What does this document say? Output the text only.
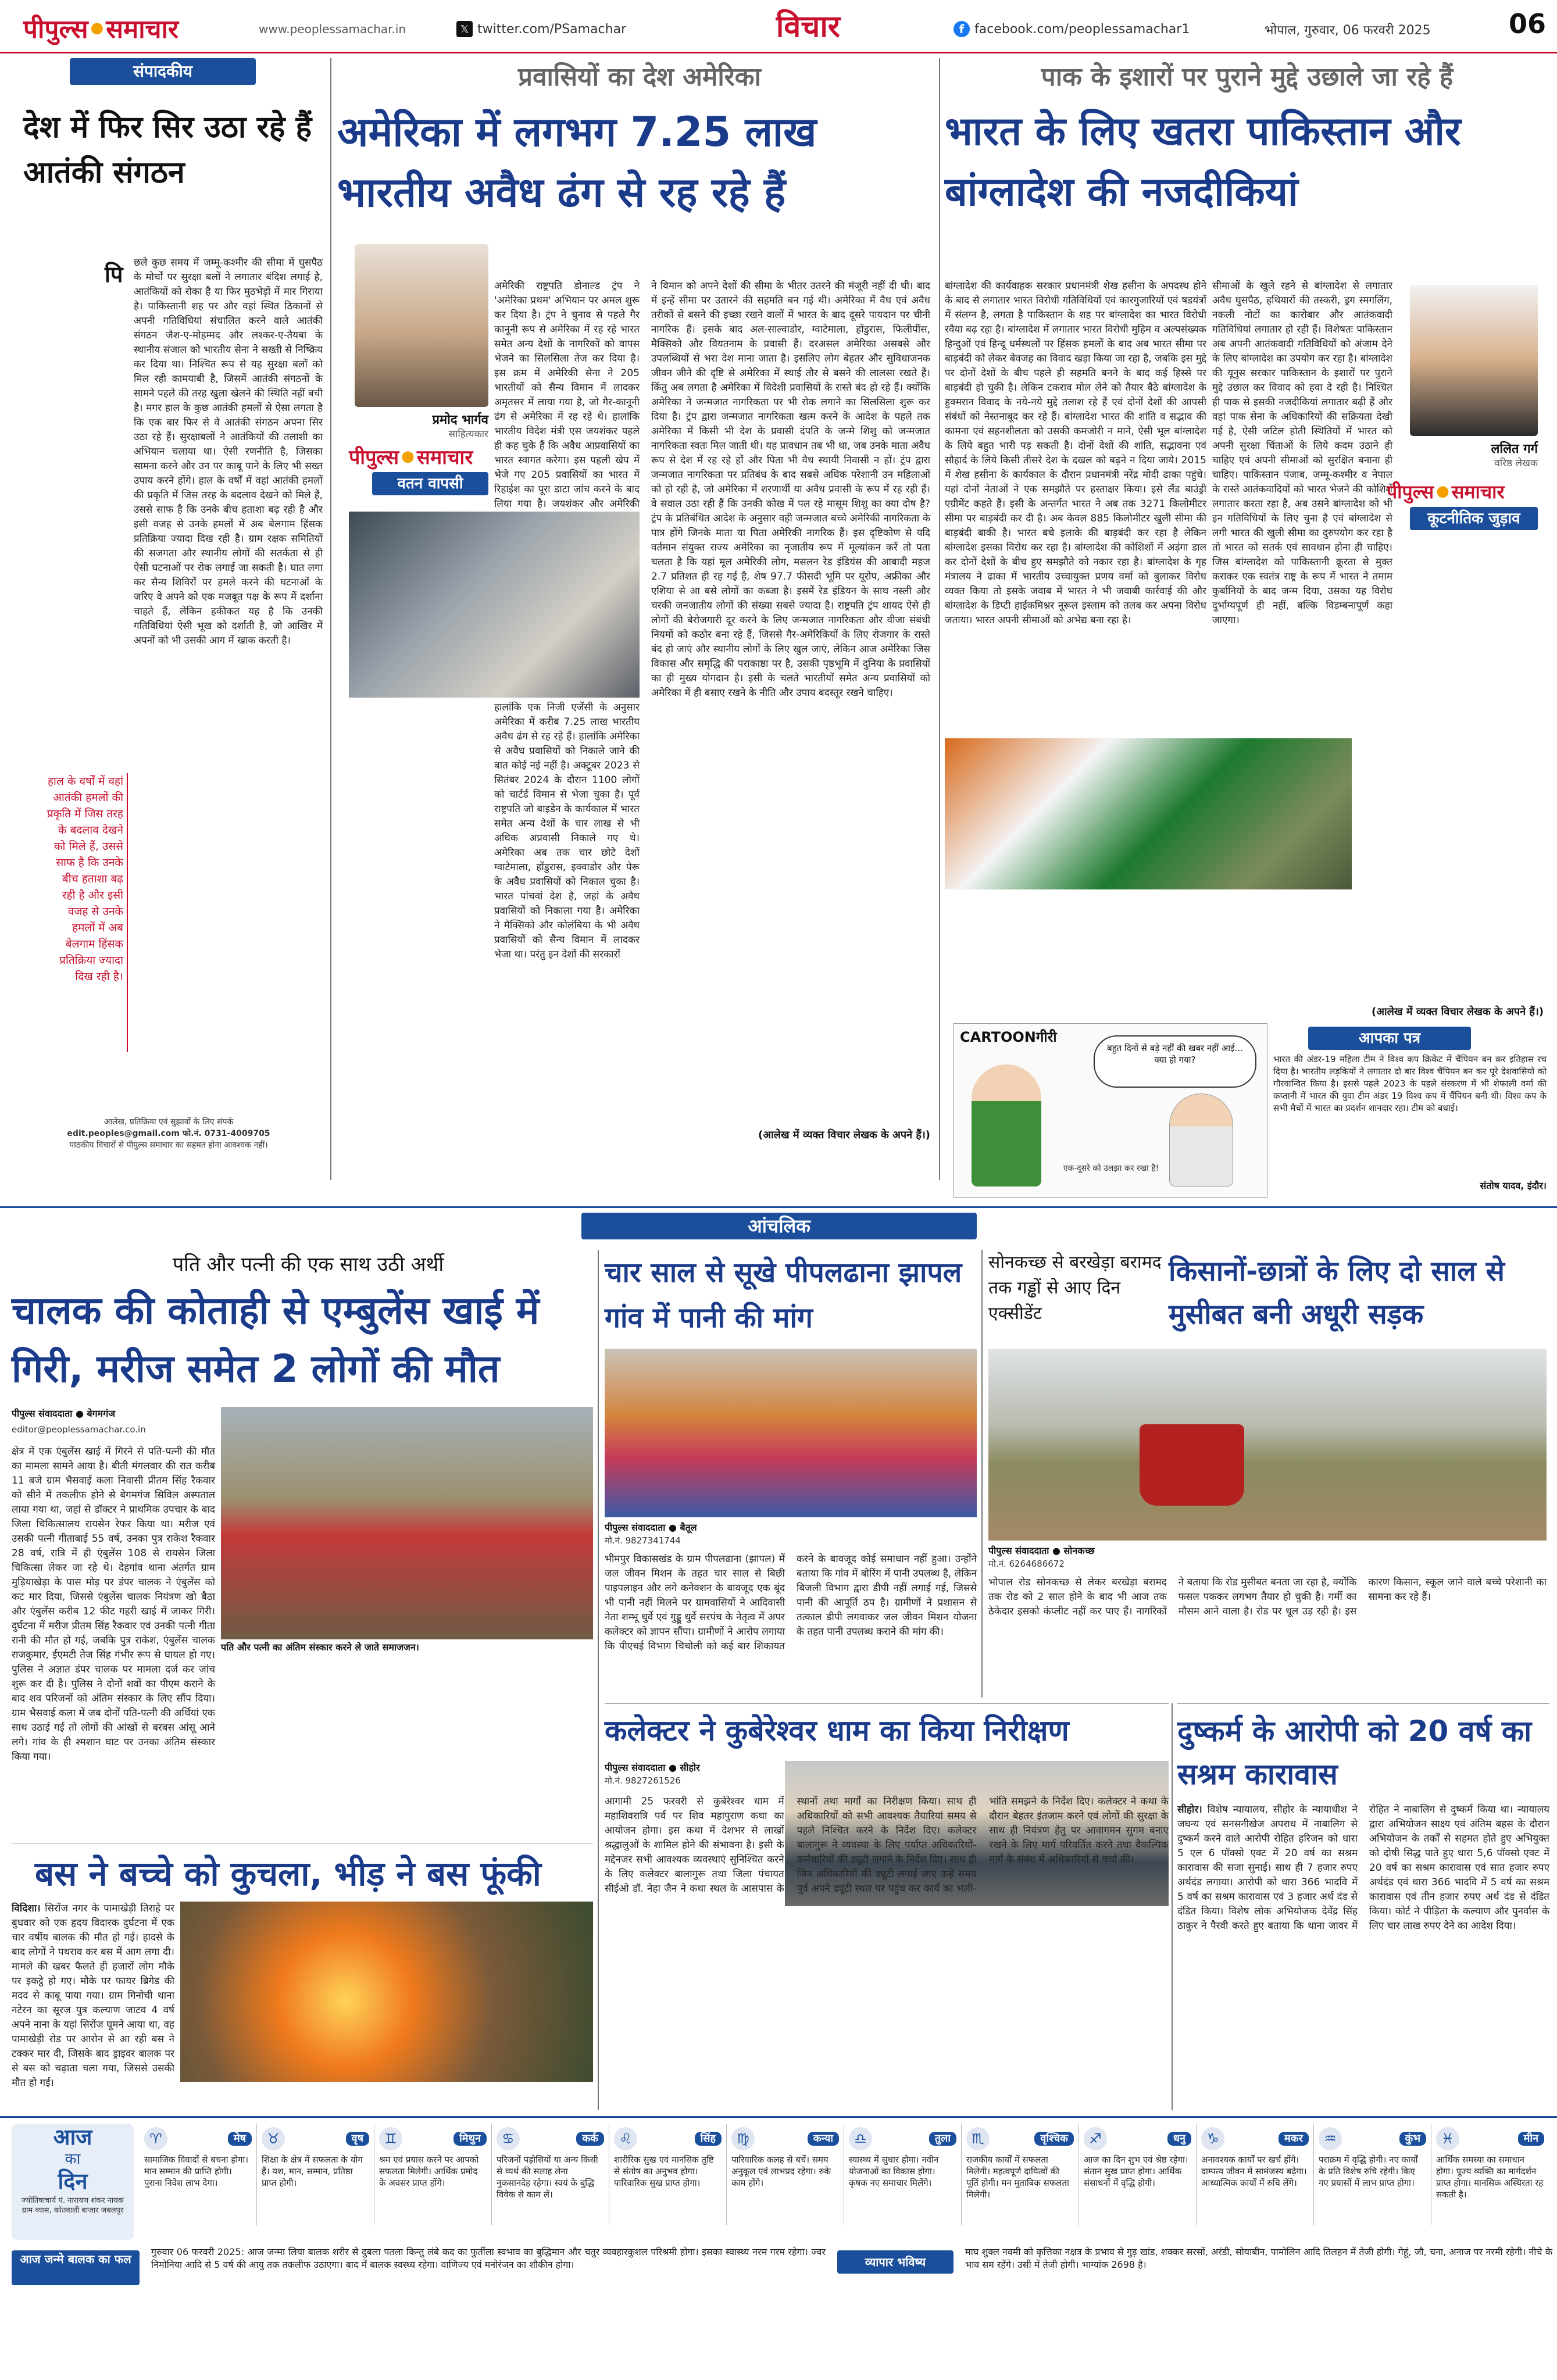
पीपुल्स ● समाचार	www.peoplessamachar.in	𝕏 twitter.com/PSamachar	विचार	f facebook.com/peoplessamachar1	भोपाल, गुरुवार, 06 फरवरी 2025	06
संपादकीय
देश में फिर सिर उठा रहे हैं आतंकी संगठन
पि	छले कुछ समय में जम्मू-कश्मीर की सीमा में घुसपैठ के मोर्चों पर सुरक्षा बलों ने लगातार बंदिश लगाई है, आतंकियों को रोका है या फिर मुठभेड़ों में मार गिराया है। पाकिस्तानी शह पर और वहां स्थित ठिकानों से अपनी गतिविधियां संचालित करने वाले आतंकी संगठन जैश-ए-मोहम्मद और लश्कर-ए-तैयबा के स्थानीय संजाल को भारतीय सेना ने सख्ती से निष्क्रिय कर दिया था। निश्चित रूप से यह सुरक्षा बलों को मिल रही कामयाबी है, जिसमें आतंकी संगठनों के सामने पहले की तरह खुला खेलने की स्थिति नहीं बची है। मगर हाल के कुछ आतंकी हमलों से ऐसा लगता है कि एक बार फिर से वे आतंकी संगठन अपना सिर उठा रहे हैं। सुरक्षाबलों ने आतंकियों की तलाशी का अभियान चलाया था। ऐसी रणनीति है, जिसका सामना करने और उन पर काबू पाने के लिए भी सख्त उपाय करने होंगे। हाल के वर्षों में वहां आतंकी हमलों की प्रकृति में जिस तरह के बदलाव देखने को मिले हैं, उससे साफ है कि उनके बीच हताशा बढ़ रही है और इसी वजह से उनके हमलों में अब बेलगाम हिंसक प्रतिक्रिया ज्यादा दिख रही है। ग्राम रक्षक समितियों की सजगता और स्थानीय लोगों की सतर्कता से ही ऐसी घटनाओं पर रोक लगाई जा सकती है। घात लगा कर सैन्य शिविरों पर हमले करने की घटनाओं के जरिए वे अपने को एक मजबूत पक्ष के रूप में दर्शाना चाहते हैं, लेकिन हकीकत यह है कि उनकी गतिविधियां ऐसी भूख को दर्शाती है, जो आखिर में अपनों को भी उसकी आग में खाक करती है।
हाल के वर्षों में वहां आतंकी हमलों की प्रकृति में जिस तरह के बदलाव देखने को मिले हैं, उससे साफ है कि उनके बीच हताशा बढ़ रही है और इसी वजह से उनके हमलों में अब बेलगाम हिंसक प्रतिक्रिया ज्यादा दिख रही है।
आलेख, प्रतिक्रिया एवं सुझावों के लिए संपर्क
edit.peoples@gmail.com फो.नं. 0731-4009705
पाठकीय विचारों से पीपुल्स समाचार का सहमत होना आवश्यक नहीं।
प्रवासियों का देश अमेरिका
अमेरिका में लगभग 7.25 लाख भारतीय अवैध ढंग से रह रहे हैं
प्रमोद भार्गव
साहित्यकार
पीपुल्स ● समाचार
वतन वापसी
अमेरिकी राष्ट्रपति डोनाल्ड ट्रंप ने 'अमेरिका प्रथम' अभियान पर अमल शुरू कर दिया है। ट्रंप ने चुनाव से पहले गैर कानूनी रूप से अमेरिका में रह रहे भारत समेत अन्य देशों के नागरिकों को वापस भेजने का सिलसिला तेज कर दिया है। इस क्रम में अमेरिकी सेना ने 205 भारतीयों को सैन्य विमान में लादकर अमृतसर में लाया गया है, जो गैर-कानूनी ढंग से अमेरिका में रह रहे थे। हालांकि भारतीय विदेश मंत्री एस जयशंकर पहले ही कह चुके हैं कि अवैध आप्रवासियों का भारत स्वागत करेगा। इस पहली खेप में भेजे गए 205 प्रवासियों का भारत में रिहाईश का पूरा डाटा जांच करने के बाद लिया गया है। जयशंकर और अमेरिकी हालांकि एक निजी एजेंसी के अनुसार अमेरिका में करीब 7.25 लाख भारतीय अवैध ढंग से रह रहे हैं। हालांकि अमेरिका से अवैध प्रवासियों को निकाले जाने की बात कोई नई नहीं है। अक्टूबर 2023 से सितंबर 2024 के दौरान 1100 लोगों को चार्टर्ड विमान से भेजा चुका है। पूर्व राष्ट्रपति जो बाइडेन के कार्यकाल में भारत समेत अन्य देशों के चार लाख से भी अधिक अप्रवासी निकाले गए थे। अमेरिका अब तक चार छोटे देशों ग्वाटेमाला, होंडुरास, इक्वाडोर और पेरू के अवैध प्रवासियों को निकाल चुका है। भारत पांचवां देश है, जहां के अवैध प्रवासियों को निकाला गया है। अमेरिका ने मैक्सिको और कोलंबिया के भी अवैध प्रवासियों को सैन्य विमान में लादकर भेजा था। परंतु इन देशों की सरकारों
ने विमान को अपने देशों की सीमा के भीतर उतरने की मंजूरी नहीं दी थी। बाद में इन्हें सीमा पर उतारने की सहमति बन गई थी। अमेरिका में वैध एवं अवैध तरीकों से बसने की इच्छा रखने वालों में भारत के बाद दूसरे पायदान पर चीनी नागरिक हैं। इसके बाद अल-साल्वाडोर, ग्वाटेमाला, होंडुरास, फिलीपींस, मैक्सिको और वियतनाम के प्रवासी हैं। दरअसल अमेरिका असबसे और उपलब्धियों से भरा देश माना जाता है। इसलिए लोग बेहतर और सुविधाजनक जीवन जीने की दृष्टि से अमेरिका में स्थाई तौर से बसने की लालसा रखते हैं। किंतु अब लगता है अमेरिका में विदेशी प्रवासियों के रास्ते बंद हो रहे हैं। क्योंकि अमेरिका ने जन्मजात नागरिकता पर भी रोक लगाने का सिलसिला शुरू कर दिया है। ट्रंप द्वारा जन्मजात नागरिकता खत्म करने के आदेश के पहले तक अमेरिका में किसी भी देश के प्रवासी दंपति के जन्मे शिशु को जन्मजात नागरिकता स्वतः मिल जाती थी। यह प्रावधान तब भी था, जब उनके माता अवैध रूप से देश में रह रहे हों और पिता भी वैध स्थायी निवासी न हों। ट्रंप द्वारा जन्मजात नागरिकता पर प्रतिबंध के बाद सबसे अधिक परेशानी उन महिलाओं को हो रही है, जो अमेरिका में शरणार्थी या अवैध प्रवासी के रूप में रह रही हैं। वे सवाल उठा रही हैं कि उनकी कोख में पल रहे मासूम शिशु का क्या दोष है? ट्रंप के प्रतिबंधित आदेश के अनुसार वही जन्मजात बच्चे अमेरिकी नागरिकता के पात्र होंगे जिनके माता या पिता अमेरिकी नागरिक हैं। इस दृष्टिकोण से यदि वर्तमान संयुक्त राज्य अमेरिका का नृजातीय रूप में मूल्यांकन करें तो पता चलता है कि यहां मूल अमेरिकी लोग, मसलन रेड इंडियंस की आबादी महज 2.7 प्रतिशत ही रह गई है, शेष 97.7 फीसदी भूमि पर यूरोप, अफ्रीका और एशिया से आ बसे लोगों का कब्जा है। इसमें रेड इंडियन के साथ नस्ली और चरकी जनजातीय लोगों की संख्या सबसे ज्यादा है। राष्ट्रपति ट्रंप शायद ऐसे ही लोगों की बेरोजगारी दूर करने के लिए जन्मजात नागरिकता और वीजा संबंधी नियमों को कठोर बना रहे हैं, जिससे गैर-अमेरिकियों के लिए रोजगार के रास्ते बंद हो जाएं और स्थानीय लोगों के लिए खुल जाएं, लेकिन आज अमेरिका जिस विकास और समृद्धि की पराकाष्ठा पर है, उसकी पृष्ठभूमि में दुनिया के प्रवासियों का ही मुख्य योगदान है। इसी के चलते भारतीयों समेत अन्य प्रवासियों को अमेरिका में ही बसाए रखने के नीति और उपाय बदस्तूर रखने चाहिए।
(आलेख में व्यक्त विचार लेखक के अपने हैं।)
पाक के इशारों पर पुराने मुद्दे उछाले जा रहे हैं
भारत के लिए खतरा पाकिस्तान और बांग्लादेश की नजदीकियां
बांग्लादेश की कार्यवाहक सरकार प्रधानमंत्री शेख हसीना के अपदस्थ होने के बाद से लगातार भारत विरोधी गतिविधियों एवं कारगुजारियों एवं षडयंत्रों में संलग्न है, लगता है पाकिस्तान के शह पर बांग्लादेश का भारत विरोधी रवैया बढ़ रहा है। बांग्लादेश में लगातार भारत विरोधी मुहिम व अल्पसंख्यक हिन्दुओं एवं हिन्दू धर्मस्थलों पर हिंसक हमलों के बाद अब भारत सीमा पर बाड़बंदी को लेकर बेवजह का विवाद खड़ा किया जा रहा है, जबकि इस मुद्दे पर दोनों देशों के बीच पहले ही सहमति बनने के बाद कई हिस्से पर बाड़बंदी हो चुकी है। लेकिन टकराव मोल लेने को तैयार बैठे बांग्लादेश के हुक्मरान विवाद के नये-नये मुद्दे तलाश रहे हैं एवं दोनों देशों की आपसी संबंधों को नेस्तनाबूद कर रहे हैं। बांग्लादेश भारत की शांति व सद्भाव की कामना एवं सहनशीलता को उसकी कमजोरी न माने, ऐसी भूल बांग्लादेश के लिये बहुत भारी पड़ सकती है। दोनों देशों की शांति, सद्भावना एवं सौहार्द के लिये किसी तीसरे देश के दखल को बढ़ने न दिया जाये। 2015 में शेख हसीना के कार्यकाल के दौरान प्रधानमंत्री नरेंद्र मोदी ढाका पहुंचे। यहां दोनों नेताओं ने एक समझौते पर हस्ताक्षर किया। इसे लैंड बाउंड्री एग्रीमेंट कहते हैं। इसी के अन्तर्गत भारत ने अब तक 3271 किलोमीटर सीमा पर बाड़बंदी कर दी है। अब केवल 885 किलोमीटर खुली सीमा की बाड़बंदी बाकी है। भारत बचे इलाके की बाड़बंदी कर रहा है लेकिन बांग्लादेश इसका विरोध कर रहा है। बांग्लादेश की कोशिशों में अड़ंगा डाल कर दोनों देशों के बीच हुए समझौते को नकार रहा है। बांग्लादेश के गृह मंत्रालय ने ढाका में भारतीय उच्चायुक्त प्रणय वर्मा को बुलाकर विरोध व्यक्त किया तो इसके जवाब में भारत ने भी जवाबी कार्रवाई की और बांग्लादेश के डिप्टी हाईकमिश्नर नूरूल इस्लाम को तलब कर अपना विरोध जताया। भारत अपनी सीमाओं को अभेद्य बना रहा है।
सीमाओं के खुले रहने से बांग्लादेश से लगातार अवैध घुसपैठ, हथियारों की तस्करी, ड्रग स्मगलिंग, नकली नोटों का कारोबार और आतंकवादी गतिविधियां लगातार हो रही हैं। विशेषतः पाकिस्तान अब अपनी आतंकवादी गतिविधियों को अंजाम देने के लिए बांग्लादेश का उपयोग कर रहा है। बांग्लादेश की यूनुस सरकार पाकिस्तान के इशारों पर पुराने मुद्दे उछाल कर विवाद को हवा दे रही है। निश्चित ही पाक से इसकी नजदीकियां लगातार बढ़ी हैं और वहां पाक सेना के अधिकारियों की सक्रियता देखी गई है, ऐसी जटिल होती स्थितियों में भारत को अपनी सुरक्षा चिंताओं के लिये कदम उठाने ही चाहिए एवं अपनी सीमाओं को सुरक्षित बनाना ही चाहिए। पाकिस्तान पंजाब, जम्मू-कश्मीर व नेपाल के रास्ते आतंकवादियों को भारत भेजने की कोशिशें लगातार करता रहा है, अब उसने बांग्लादेश को भी इन गतिविधियों के लिए चुना है एवं बांग्लादेश से लगी भारत की खुली सीमा का दुरुपयोग कर रहा है तो भारत को सतर्क एवं सावधान होना ही चाहिए। जिस बांग्लादेश को पाकिस्तानी क्रूरता से मुक्त कराकर एक स्वतंत्र राष्ट्र के रूप में भारत ने तमाम कुर्बानियों के बाद जन्म दिया, उसका यह विरोध दुर्भाग्यपूर्ण ही नहीं, बल्कि विडम्बनापूर्ण कहा जाएगा।
ललित गर्ग
वरिष्ठ लेखक
पीपुल्स ● समाचार
कूटनीतिक जुड़ाव
(आलेख में व्यक्त विचार लेखक के अपने हैं।)
CARTOONगीरी
बहुत दिनों से बड़े नहीं की खबर नहीं आई... क्या हो गया?
एक-दूसरे को उलझा कर रखा है!
आपका पत्र
भारत की अंडर-19 महिला टीम ने विश्व कप क्रिकेट में चैंपियन बन कर इतिहास रच दिया है। भारतीय लड़कियों ने लगातार दो बार विश्व चैंपियन बन कर पूरे देशवासियों को गौरवान्वित किया है। इससे पहले 2023 के पहले संस्करण में भी शेफाली वर्मा की कप्तानी में भारत की युवा टीम अंडर 19 विश्व कप में चैंपियन बनी थी। विश्व कप के सभी मैचों में भारत का प्रदर्शन शानदार रहा। टीम को बधाई।
संतोष यादव, इंदौर।
आंचलिक
पति और पत्नी की एक साथ उठी अर्थी
चालक की कोताही से एम्बुलेंस खाई में गिरी, मरीज समेत 2 लोगों की मौत
पीपुल्स संवाददाता ● बेगमगंज
editor@peoplessamachar.co.in
पति और पत्नी का अंतिम संस्कार करने ले जाते समाजजन।
क्षेत्र में एक एंबुलेंस खाई में गिरने से पति-पत्नी की मौत का मामला सामने आया है। बीती मंगलवार की रात करीब 11 बजे ग्राम भैसवाई कला निवासी प्रीतम सिंह रैकवार को सीने में तकलीफ होने से बेगमगंज सिविल अस्पताल लाया गया था, जहां से डॉक्टर ने प्राथमिक उपचार के बाद जिला चिकित्सालय रायसेन रेफर किया था। मरीज एवं उसकी पत्नी गीताबाई 55 वर्ष, उनका पुत्र राकेश रैकवार 28 वर्ष, रात्रि में ही एंबुलेंस 108 से रायसेन जिला चिकित्सा लेकर जा रहे थे। देहगांव थाना अंतर्गत ग्राम मुड़ियाखेड़ा के पास मोड़ पर डंपर चालक ने एंबुलेंस को कट मार दिया, जिससे एंबुलेंस चालक नियंत्रण खो बैठा और एंबुलेंस करीब 12 फीट गहरी खाई में जाकर गिरी। दुर्घटना में मरीज प्रीतम सिंह रैकवार एवं उनकी पत्नी गीता रानी की मौत हो गई, जबकि पुत्र राकेश, एंबुलेंस चालक राजकुमार, ईएमटी तेज सिंह गंभीर रूप से घायल हो गए। पुलिस ने अज्ञात डंपर चालक पर मामला दर्ज कर जांच शुरू कर दी है। पुलिस ने दोनों शवों का पीएम कराने के बाद शव परिजनों को अंतिम संस्कार के लिए सौंप दिया। ग्राम भैसवाई कला में जब दोनों पति-पत्नी की अर्थियां एक साथ उठाई गई तो लोगों की आंखों से बरबस आंसू आने लगे। गांव के ही श्मशान घाट पर उनका अंतिम संस्कार किया गया।
बस ने बच्चे को कुचला, भीड़ ने बस फूंकी
विदिशा। सिरोंज नगर के पामाखेड़ी तिराहे पर बुधवार को एक हृदय विदारक दुर्घटना में एक चार वर्षीय बालक की मौत हो गई। हादसे के बाद लोगों ने पथराव कर बस में आग लगा दी। मामले की खबर फैलते ही हजारों लोग मौके पर इकट्ठे हो गए। मौके पर फायर ब्रिगेड की मदद से काबू पाया गया। ग्राम गिनोची थाना नटेरन का सूरज पुत्र कल्याण जाटव 4 वर्ष अपने नाना के यहां सिरोंज घूमने आया था, वह पामाखेड़ी रोड पर आरोन से आ रही बस ने टक्कर मार दी, जिसके बाद ड्राइवर बालक पर से बस को चढ़ाता चला गया, जिससे उसकी मौत हो गई।
चार साल से सूखे पीपलढाना झापल गांव में पानी की मांग
पीपुल्स संवाददाता ● बैतूल
मो.नं. 9827341744
भीमपुर विकासखंड के ग्राम पीपलढाना (झापल) में जल जीवन मिशन के तहत चार साल से बिछी पाइपलाइन और लगे कनेक्शन के बावजूद एक बूंद भी पानी नहीं मिलने पर ग्रामवासियों ने आदिवासी नेता शम्भू धुर्वे एवं गुड्डू धुर्वे सरपंच के नेतृत्व में अपर कलेक्टर को ज्ञापन सौंपा। ग्रामीणों ने आरोप लगाया कि पीएचई विभाग चिचोली को कई बार शिकायत करने के बावजूद कोई समाधान नहीं हुआ। उन्होंने बताया कि गांव में बोरिंग में पानी उपलब्ध है, लेकिन बिजली विभाग द्वारा डीपी नहीं लगाई गई, जिससे पानी की आपूर्ति ठप है। ग्रामीणों ने प्रशासन से तत्काल डीपी लगवाकर जल जीवन मिशन योजना के तहत पानी उपलब्ध कराने की मांग की।
सोनकच्छ से बरखेड़ा बरामद तक गड्ढों से आए दिन एक्सीडेंट
किसानों-छात्रों के लिए दो साल से मुसीबत बनी अधूरी सड़क
पीपुल्स संवाददाता ● सोनकच्छ
मो.नं. 6264686672
भोपाल रोड सोनकच्छ से लेकर बरखेड़ा बरामद तक रोड को 2 साल होने के बाद भी आज तक ठेकेदार इसको कंप्लीट नहीं कर पाए हैं। नागरिकों ने बताया कि रोड मुसीबत बनता जा रहा है, क्योंकि फसल पककर लगभग तैयार हो चुकी है। गर्मी का मौसम आने वाला है। रोड पर धूल उड़ रही है। इस कारण किसान, स्कूल जाने वाले बच्चे परेशानी का सामना कर रहे हैं।
कलेक्टर ने कुबेरेश्वर धाम का किया निरीक्षण
पीपुल्स संवाददाता ● सीहोर
मो.नं. 9827261526
आगामी 25 फरवरी से कुबेरेश्वर धाम में महाशिवरात्रि पर्व पर शिव महापुराण कथा का आयोजन होगा। इस कथा में देशभर से लाखों श्रद्धालुओं के शामिल होने की संभावना है। इसी के मद्देनजर सभी आवश्यक व्यवस्थाएं सुनिश्चित करने के लिए कलेक्टर बालागुरू तथा जिला पंचायत सीईओ डॉ. नेहा जैन ने कथा स्थल के आसपास के स्थानों तथा मार्गों का निरीक्षण किया। साथ ही अधिकारियों को सभी आवश्यक तैयारियां समय से पहले निश्चित करने के निर्देश दिए। कलेक्टर बालागुरू ने व्यवस्था के लिए पर्याप्त अधिकारियों-कर्मचारियों की ड्यूटी लगाने के निर्देश दिए। साथ ही जिन अधिकारियों की ड्यूटी लगाई जाए उन्हें समय पूर्व अपने ड्यूटी स्थल पर पहुंच कर कार्य का भली-भांति समझने के निर्देश दिए। कलेक्टर ने कथा के दौरान बेहतर इंतजाम करने एवं लोगों की सुरक्षा के साथ ही नियंत्रण हेतु पर आवागमन सुगम बनाए रखने के लिए मार्ग परिवर्तित करने तथा वैकल्पिक मार्ग के संबंध में अधिकारियों से चर्चा की।
दुष्कर्म के आरोपी को 20 वर्ष का सश्रम कारावास
सीहोर। विशेष न्यायालय, सीहोर के न्यायाधीश ने जघन्य एवं सनसनीखेज अपराध में नाबालिग से दुष्कर्म करने वाले आरोपी रोहित हरिजन को धारा 5 एल 6 पॉक्सो एक्ट में 20 वर्ष का सश्रम कारावास की सजा सुनाई। साथ ही 7 हजार रुपए अर्थदंड लगाया। आरोपी को धारा 366 भादवि में 5 वर्ष का सश्रम कारावास एवं 3 हजार अर्थ दंड से दंडित किया। विशेष लोक अभियोजक देवेंद्र सिंह ठाकुर ने पैरवी करते हुए बताया कि थाना जावर में रोहित ने नाबालिग से दुष्कर्म किया था। न्यायालय द्वारा अभियोजन साक्ष्य एवं अंतिम बहस के दौरान अभियोजन के तर्कों से सहमत होते हुए अभियुक्त को दोषी सिद्ध पाते हुए धारा 5,6 पॉक्सो एक्ट में 20 वर्ष का सश्रम कारावास एवं सात हजार रुपए अर्थदंड एवं धारा 366 भादवि में 5 वर्ष का सश्रम कारावास एवं तीन हजार रुपए अर्थ दंड से दंडित किया। कोर्ट ने पीड़िता के कल्याण और पुनर्वास के लिए चार लाख रुपए देने का आदेश दिया।
आज
का
दिन
ज्योतिषाचार्य पं. नारायण शंकर नायक ग्राम व्यास, कोतवाली बाजार जबलपुर
♈	मेष
सामाजिक विवादों से बचना होगा। मान सम्मान की प्राप्ति होगी। पुराना निवेश लाभ देगा।
♉	वृष
शिक्षा के क्षेत्र में सफलता के योग हैं। यश, मान, सम्मान, प्रतिष्ठा प्राप्त होगी।
♊	मिथुन
श्रम एवं प्रयास करने पर आपको सफलता मिलेगी। आर्थिक प्रमोद के अवसर प्राप्त होंगे।
♋	कर्क
परिजनों पड़ोसियों या अन्य किसी से व्यर्थ की सलाह लेना नुकसानदेह रहेगा। स्वयं के बुद्धि विवेक से काम लें।
♌	सिंह
शारीरिक सुख एवं मानसिक तुष्टि से संतोष का अनुभव होगा। पारिवारिक सुख प्राप्त होगा।
♍	कन्या
पारिवारिक कलह से बचें। समय अनुकूल एवं लाभप्रद रहेगा। रुके काम होंगे।
♎	तुला
स्वास्थ्य में सुधार होगा। नवीन योजनाओं का विकास होगा। कृषक नए समाचार मिलेंगे।
♏	वृश्चिक
राजकीय कार्यों में सफलता मिलेगी। महत्वपूर्ण दायित्वों की पूर्ति होगी। मन मुताबिक सफलता मिलेगी।
♐	धनु
आज का दिन शुभ एवं श्रेष्ठ रहेगा। संतान सुख प्राप्त होगा। आर्थिक संसाधनों में वृद्धि होगी।
♑	मकर
अनावश्यक कार्यों पर खर्च होंगे। दाम्पत्य जीवन में सामंजस्य बढ़ेगा। आध्यात्मिक कार्यों में रुचि लेंगे।
♒	कुंभ
पराक्रम में वृद्धि होगी। नए कार्यों के प्रति विशेष रुचि रहेगी। किए गए प्रयासों में लाभ प्राप्त होगा।
♓	मीन
आर्थिक समस्या का समाधान होगा। पूज्य व्यक्ति का मार्गदर्शन प्राप्त होगा। मानसिक अस्थिरता रह सकती है।
आज जन्मे बालक का फल
गुरुवार 06 फरवरी 2025: आज जन्मा लिया बालक शरीर से दुबला पतला किन्तु लंबे कद का फुर्तीला स्वभाव का बुद्धिमान और चतुर व्यवहारकुशल परिश्रमी होगा। इसका स्वास्थ्य नरम गरम रहेगा। ज्वर निमोनिया आदि से 5 वर्ष की आयु तक तकलीफ उठाएगा। बाद में बालक स्वस्थ्य रहेगा। वाणिज्य एवं मनोरंजन का शौकीन होगा।	व्यापार भविष्य
माघ शुक्ल नवमी को कृत्तिका नक्षत्र के प्रभाव से गुड़ खांड, शक्कर सरसों, अरंडी, सोयाबीन, पामोलिन आदि तिलहन में तेजी होगी। गेहूं, जौ, चना, अनाज पर नरमी रहेगी। नीचे के भाव सम रहेंगे। उसी में तेजी होगी। भाग्यांक 2698 है।
